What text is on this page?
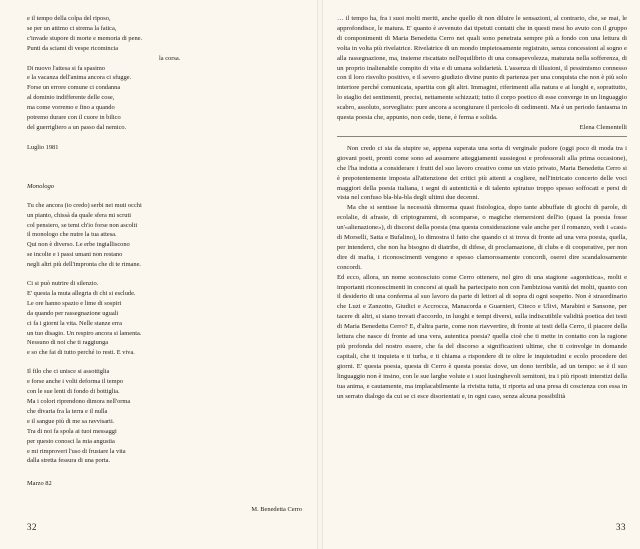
e il tempo della colpa del riposo,
se per un attimo ci strema la fatica,
c'invade stupore di morte e memoria di pene.
Punti da sciami di vespe ricomincia
la corsa.
Di nuovo l'attesa si fa spasimo
e la vacanza dell'anima ancora ci sfugge.
Forse un errore comune ci condanna
al dominio indifferente delle cose,
ma come vorremo e fino a quando
potremo durare con il cuore in bilico
del guerrigliero a un passo dal nemico.
Luglio 1981
Monologo
Tu che ancora (io credo) serbi nei muti occhi
un pianto, chissà da quale sfera mi scruti
col pensiero, se temi ch'io forse non ascolti
il monologo che nutre la tua attesa.
Qui non è diverso. Le erbe ingialliscono
se incolte e i passi umani non restano
negli altri più dell'impronta che di te rimane.
Ci si può nutrire di silenzio.
E' questa la muta allegria di chi si esclude.
Le ore hanno spazio e lime di sospiri
da quando per rassegnazione uguali
ci fa i giorni la vita. Nelle stanze erra
un tuo disagio. Un respiro ancora si lamenta.
Nessuno di noi che ti raggiunga
e so che fai di tutto perché io resti. E viva.
Il filo che ci unisce si assottiglia
e forse anche i volti deforma il tempo
con le sue lenti di fondo di bottiglia.
Ma i colori riprendono dimora nell'orma
che divaria fra la terra e il nulla
e il sangue più di me sa ravvisarti.
Tra di noi fa spola ai tuoi messaggi
per questo conosci la mia angustia
e mi rimproveri l'uso di frustare la vita
dalla stretta fessura di una porta.
Marzo 82
M. Benedetta Cerro
32

… il tempo ha, fra i suoi molti meriti, anche quello di non diluire le sensazioni, al contrario, che, se mai, le approfondisce, le matura. E' quanto è avvenuto dai tipetuti contatti che in questi mesi ho avuto con il gruppo di componimenti di Maria Benedetta Cerro nei quali sono penetrata sempre più a fondo con una lettura di volta in volta più rivelatrice. Rivelatrice di un mondo impietosamente registrato, senza concessioni al sogno e alla rassegnazione, ma, insieme riscattato nell'equilibrio di una consapevolezza, maturata nella sofferenza, di un proprio inalienabile compito di vita e di umana solidarietà. L'assenza di illusioni, il pessimismo connesso con il loro risvolto positivo, e il severo giudizio divine punto di partenza per una conquista che non è più solo interiore perché comunicata, spartita con gli altri. Immagini, riferimenti alla natura e ai luoghi e, soprattutto, lo staglio dei sentimenti, precisi, nettamente schizzati; tutto il corpo poetico di esse converge in un linguaggio scabro, assoluto, sorvegliato: pure ancora a scongiurare il pericolo di cedimenti. Ma è un periodo fantasma in questa poesia che, appunto, non cede, tiene, è ferma e solida.

Elena Clementelli

Non credo ci sia da stupire se, appena superata una sorta di verginale pudore (oggi poco di moda tra i giovani poeti, pronti come sono ad assumere atteggiamenti sussiegosi e professorali alla prima occasione), che l'ha indotta a considerare i frutti del suo lavoro creativo come un vizio privato, Maria Benedetta Cerro si è prepotentemente imposta all'attenzione dei critici più attenti a cogliere, nell'intricato concerto delle voci maggiori della poesia italiana, i segni di autenticità e di talento spiratuo troppo spesso soffocati e persi di vista nel confuso bla-bla-bla degli ultimi due decenni.

Ma che si sentisse la necessità dimorma quasi fisiologica, dopo tante abbuffate di giochi di parole, di ecolalie, di afrasie, di criptogrammi, di scomparse, o magiche riemersioni dell'io (quasi la poesia fosse un'«alienazione»), di discorsi della poesia (ma questa considerazione vale anche per il romanzo, vedi i «casi» di Morselli, Satta e Bufalino), lo dimostra il fatto che quando ci si trova di fronte ad una vera poesia, quella, per intenderci, che non ha bisogno di diatribe, di difese, di proclamazione, di clubs e di cooperative, per non dire di mafia, i riconoscimenti vengono e spesso clamorosamente concordi, oserei dire scandalosamente concordi.

Ed ecco, allora, un nome sconosciuto come Cerro ottenere, nel giro di una stagione «agonistica», molti e importanti riconoscimenti in concorsi ai quali ha partecipato non con l'ambiziosa vanità dei molti, quanto con il desiderio di una conferma al suo lavoro da parte di lettori al di sopra di ogni sospetto. Non è straordinario che Luzi e Zanzotto, Giudici e Accrocca, Manacorda e Guarnieri, Citeco e Ulivi, Marabini e Sansone, per tacere di altri, si siano trovati d'accordo, in luoghi e tempi diversi, sulla indiscutibile validità poetica dei testi di Maria Benedetta Cerro? E, d'altra parte, come non riavvertire, di fronte ai testi della Cerro, il piacere della lettura che nasce di fronte ad una vera, autentica poesia? quella cioè che ti mette in contatto con la ragione più profonda del nostro essere, che fa del discorso a significazioni ultime, che ti coinvolge in domande capitali, che ti inquieta e ti turba, e ti chiama a rispondere di te oltre le inquietudini e ecolo procedere dei giorni. E' questa poesia, questa di Cerro è questa poesia: dove, un dono terribile, ad un tempo: se è il suo linguaggio non è insino, con le sue larghe volute e i suoi lusinghevoli semitoni, tra i più riposti interstizi della tua anima, e cautamente, ma implacabilmente la rivisita tutta, ti riporta ad una presa di coscienza con essa in un serrato dialogo da cui se ci esce disorientati e, in ogni caso, senza alcuna possibilità

33
